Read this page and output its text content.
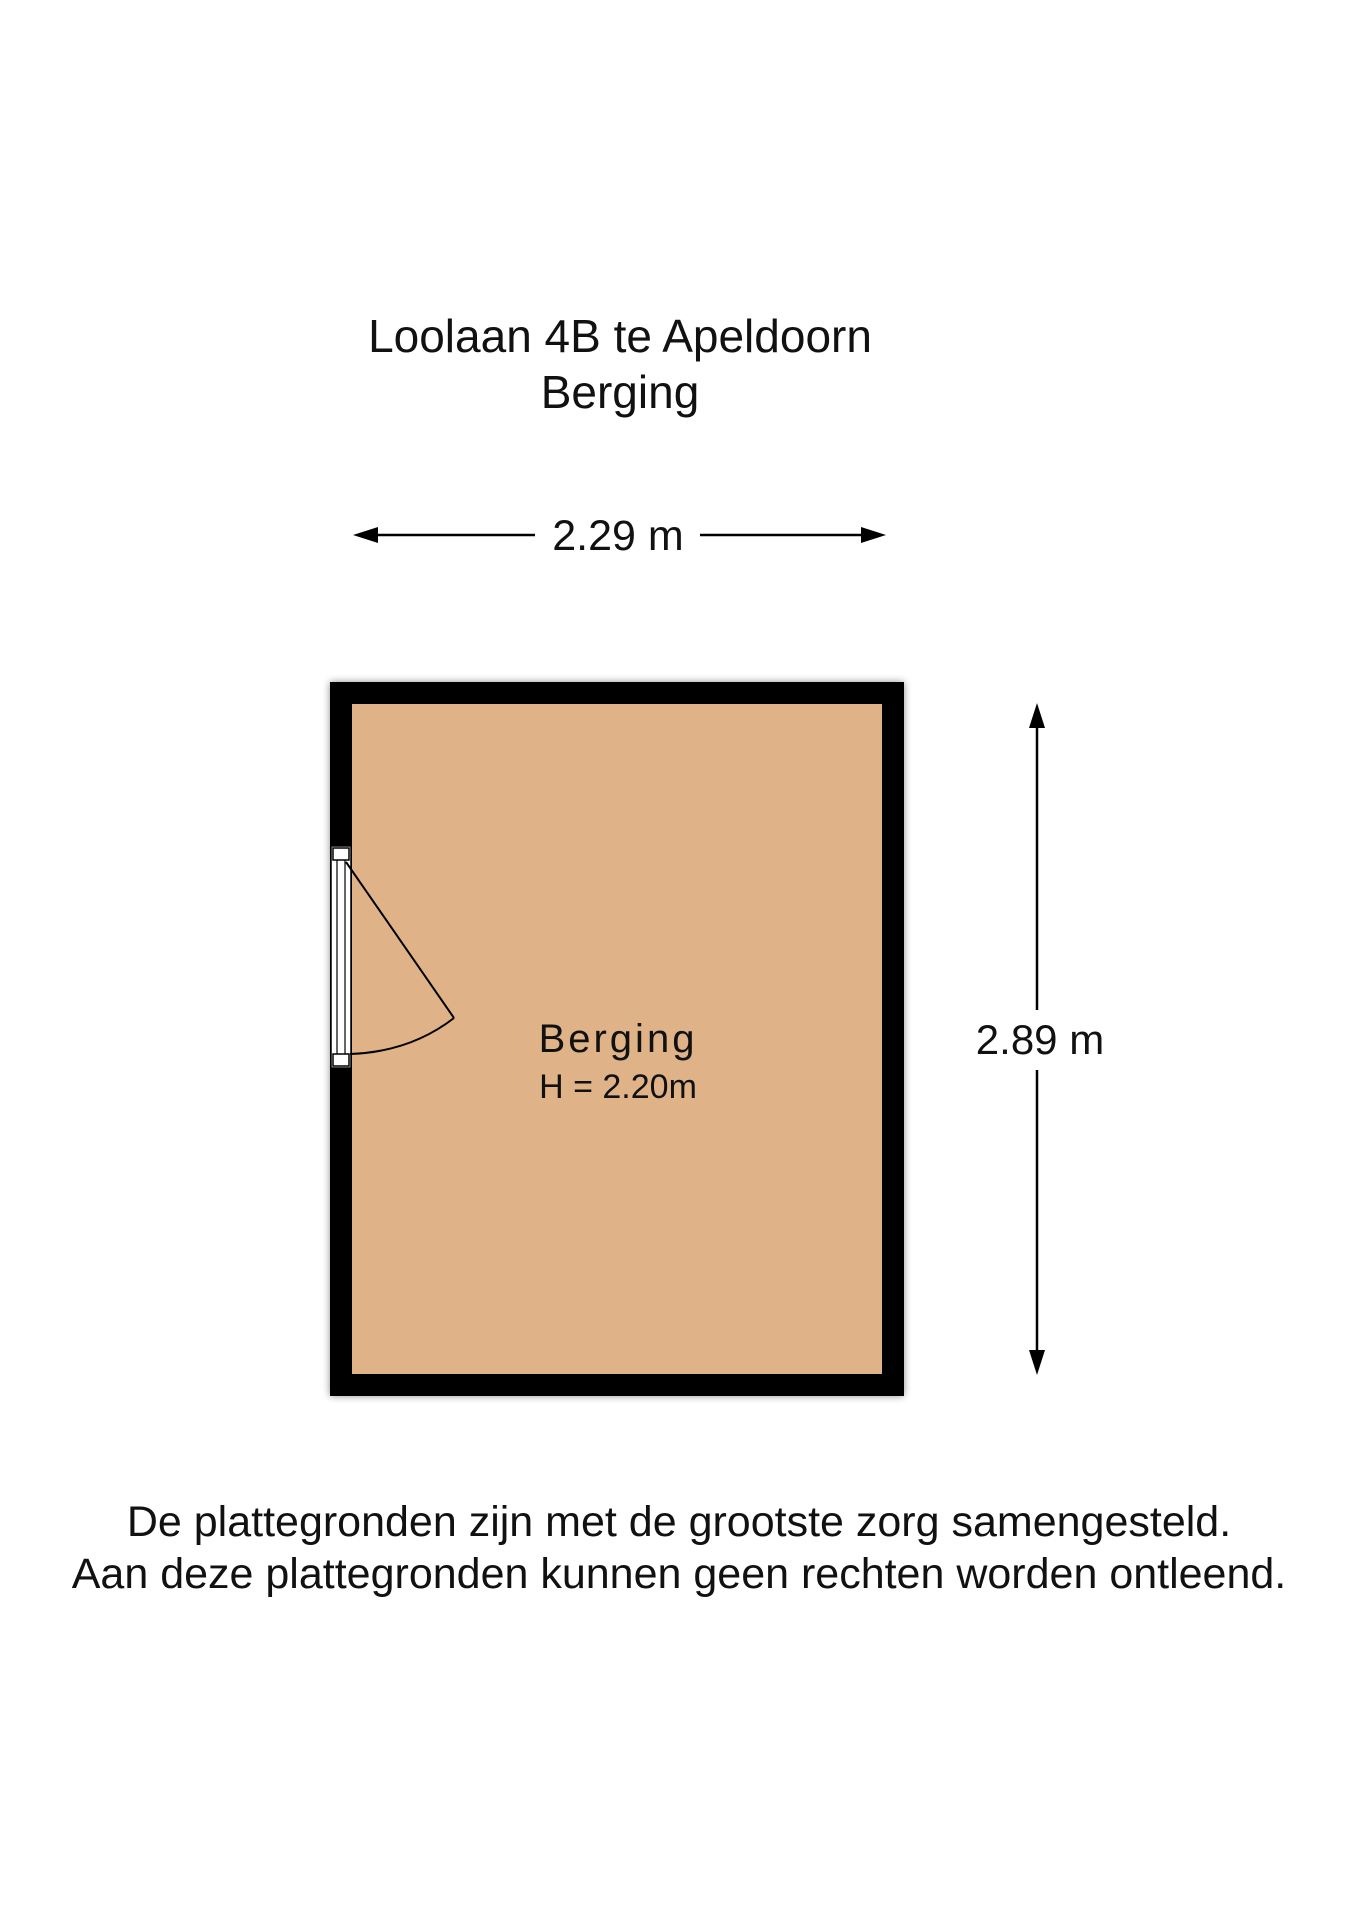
Loolaan 4B te Apeldoorn
Berging
2.29 m
Berging
H = 2.20m
2.89 m
De plattegronden zijn met de grootste zorg samengesteld.
Aan deze plattegronden kunnen geen rechten worden ontleend.
